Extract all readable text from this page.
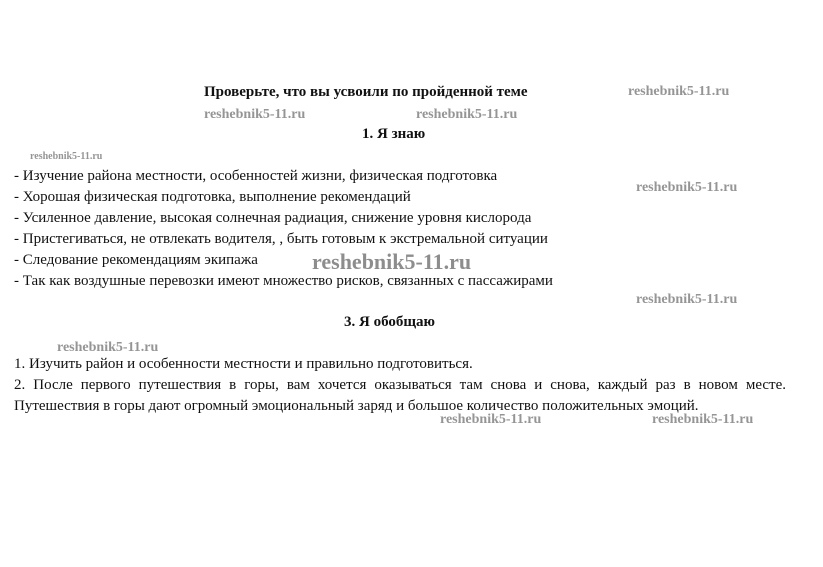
Проверьте, что вы усвоили по пройденной теме
1. Я знаю
- Изучение района местности, особенностей жизни, физическая подготовка
- Хорошая физическая подготовка, выполнение рекомендаций
- Усиленное давление, высокая солнечная радиация, снижение уровня кислорода
- Пристегиваться, не отвлекать водителя, , быть готовым к экстремальной ситуации
- Следование рекомендациям экипажа
- Так как воздушные перевозки имеют множество рисков, связанных с пассажирами
3. Я обобщаю

1. Изучить район и особенности местности и правильно подготовиться.

2. После первого путешествия в горы, вам хочется оказываться там снова и снова, каждый раз в новом месте. Путешествия в горы дают огромный эмоциональный заряд и большое количество положительных эмоций.

reshebnik5-11.ru
reshebnik5-11.ru	reshebnik5-11.ru
reshebnik5-11.ru
reshebnik5-11.ru
reshebnik5-11.ru
reshebnik5-11.ru
reshebnik5-11.ru
reshebnik5-11.ru	reshebnik5-11.ru
